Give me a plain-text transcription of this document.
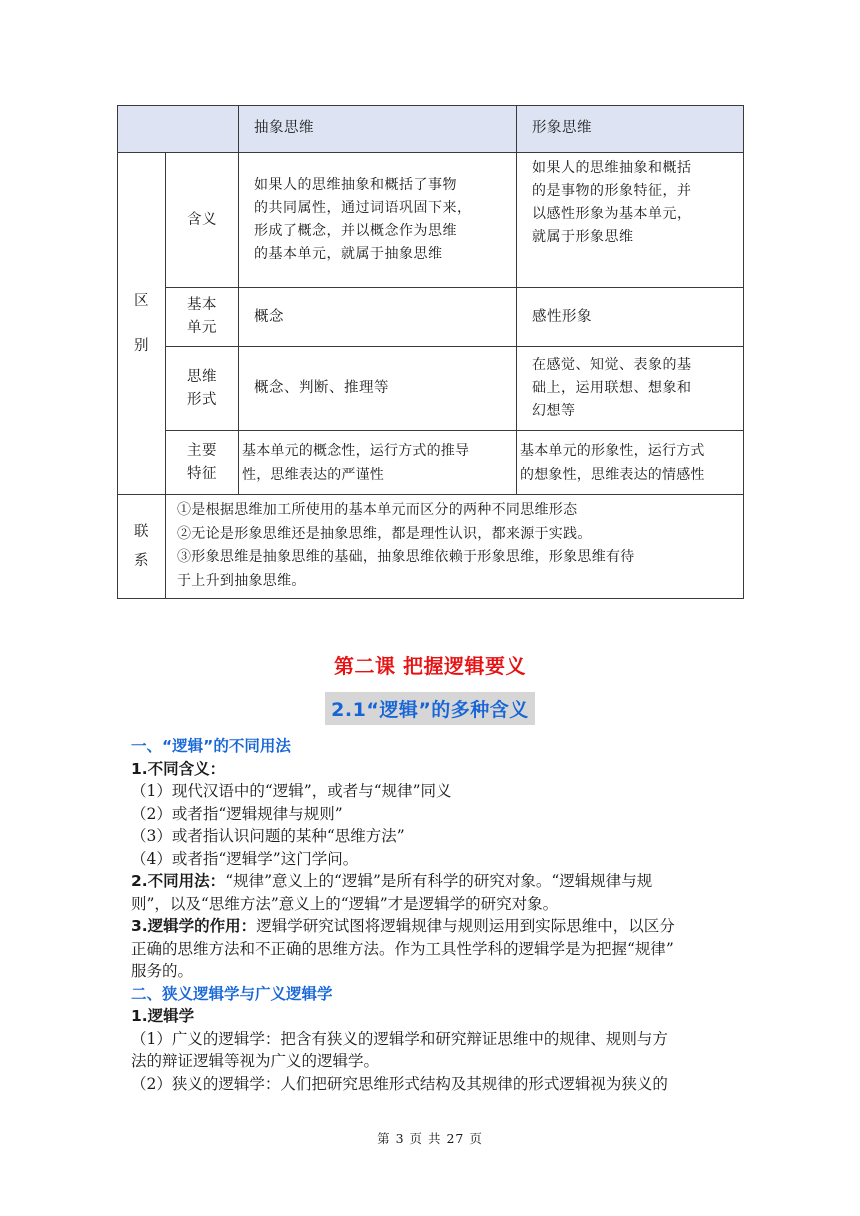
抽象思维	形象思维
区
别
含义
如果人的思维抽象和概括了事物
的共同属性，通过词语巩固下来，
形成了概念，并以概念作为思维
的基本单元，就属于抽象思维
如果人的思维抽象和概括
的是事物的形象特征，并
以感性形象为基本单元，
就属于形象思维
基本
单元
概念	感性形象
思维
形式
概念、判断、推理等
在感觉、知觉、表象的基
础上，运用联想、想象和
幻想等
主要
特征
基本单元的概念性，运行方式的推导
性，思维表达的严谨性
基本单元的形象性，运行方式
的想象性，思维表达的情感性
联
系
①是根据思维加工所使用的基本单元而区分的两种不同思维形态
②无论是形象思维还是抽象思维，都是理性认识，都来源于实践。
③形象思维是抽象思维的基础，抽象思维依赖于形象思维，形象思维有待
于上升到抽象思维。
第二课 把握逻辑要义
2.1“逻辑”的多种含义

一、“逻辑”的不同用法

1.不同含义：

（1）现代汉语中的“逻辑”，或者与“规律”同义

（2）或者指“逻辑规律与规则”

（3）或者指认识问题的某种“思维方法”

（4）或者指“逻辑学”这门学问。

2.不同用法：“规律”意义上的“逻辑”是所有科学的研究对象。“逻辑规律与规

则”，以及“思维方法”意义上的“逻辑”才是逻辑学的研究对象。

3.逻辑学的作用：逻辑学研究试图将逻辑规律与规则运用到实际思维中，以区分

正确的思维方法和不正确的思维方法。作为工具性学科的逻辑学是为把握“规律”

服务的。

二、狭义逻辑学与广义逻辑学

1.逻辑学

（1）广义的逻辑学：把含有狭义的逻辑学和研究辩证思维中的规律、规则与方

法的辩证逻辑等视为广义的逻辑学。

（2）狭义的逻辑学：人们把研究思维形式结构及其规律的形式逻辑视为狭义的

第 3 页 共 27 页
